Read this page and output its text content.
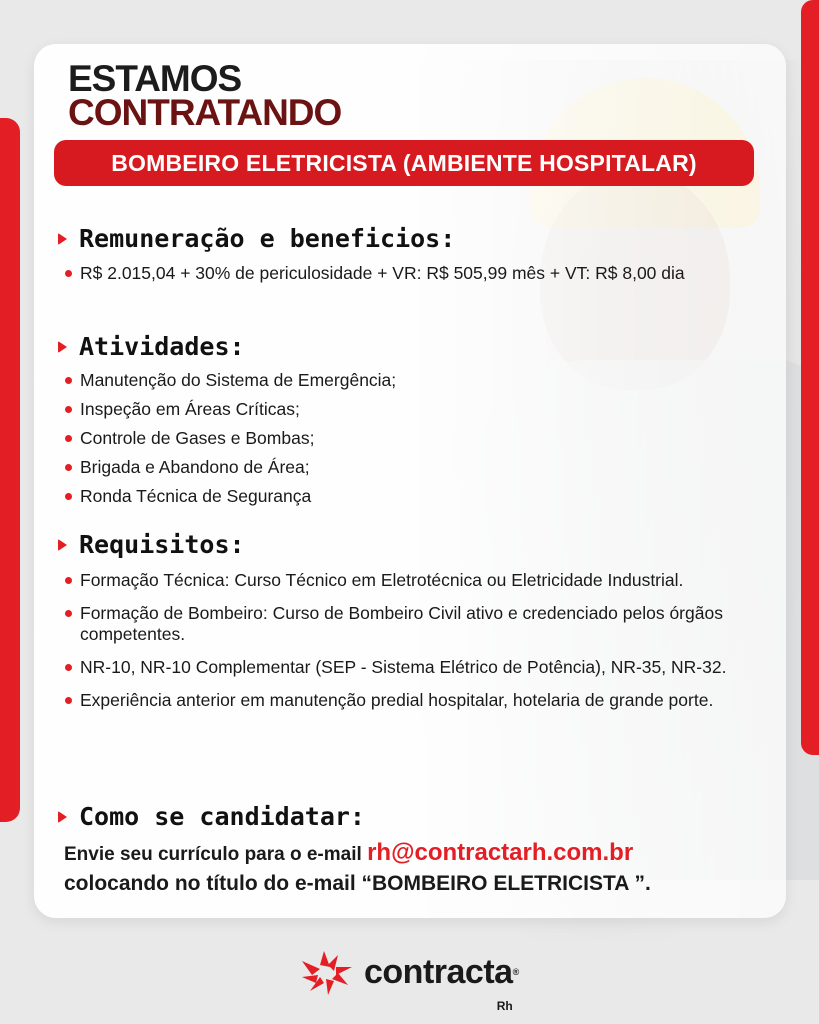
ESTAMOS
CONTRATANDO
BOMBEIRO ELETRICISTA (AMBIENTE HOSPITALAR)
Remuneração e beneficios:
R$ 2.015,04 + 30% de periculosidade + VR: R$ 505,99 mês + VT: R$ 8,00 dia
Atividades:
Manutenção do Sistema de Emergência;
Inspeção em Áreas Críticas;
Controle de Gases e Bombas;
Brigada e Abandono de Área;
Ronda Técnica de Segurança
Requisitos:
Formação Técnica: Curso Técnico em Eletrotécnica ou Eletricidade Industrial.
Formação de Bombeiro: Curso de Bombeiro Civil ativo e credenciado pelos órgãos competentes.
NR-10, NR-10 Complementar (SEP - Sistema Elétrico de Potência), NR-35, NR-32.
Experiência anterior em manutenção predial hospitalar, hotelaria de grande porte.
Como se candidatar:
Envie seu currículo para o e-mail rh@contractarh.com.br
colocando no título do e-mail “BOMBEIRO ELETRICISTA ”.
contracta®
Rh
